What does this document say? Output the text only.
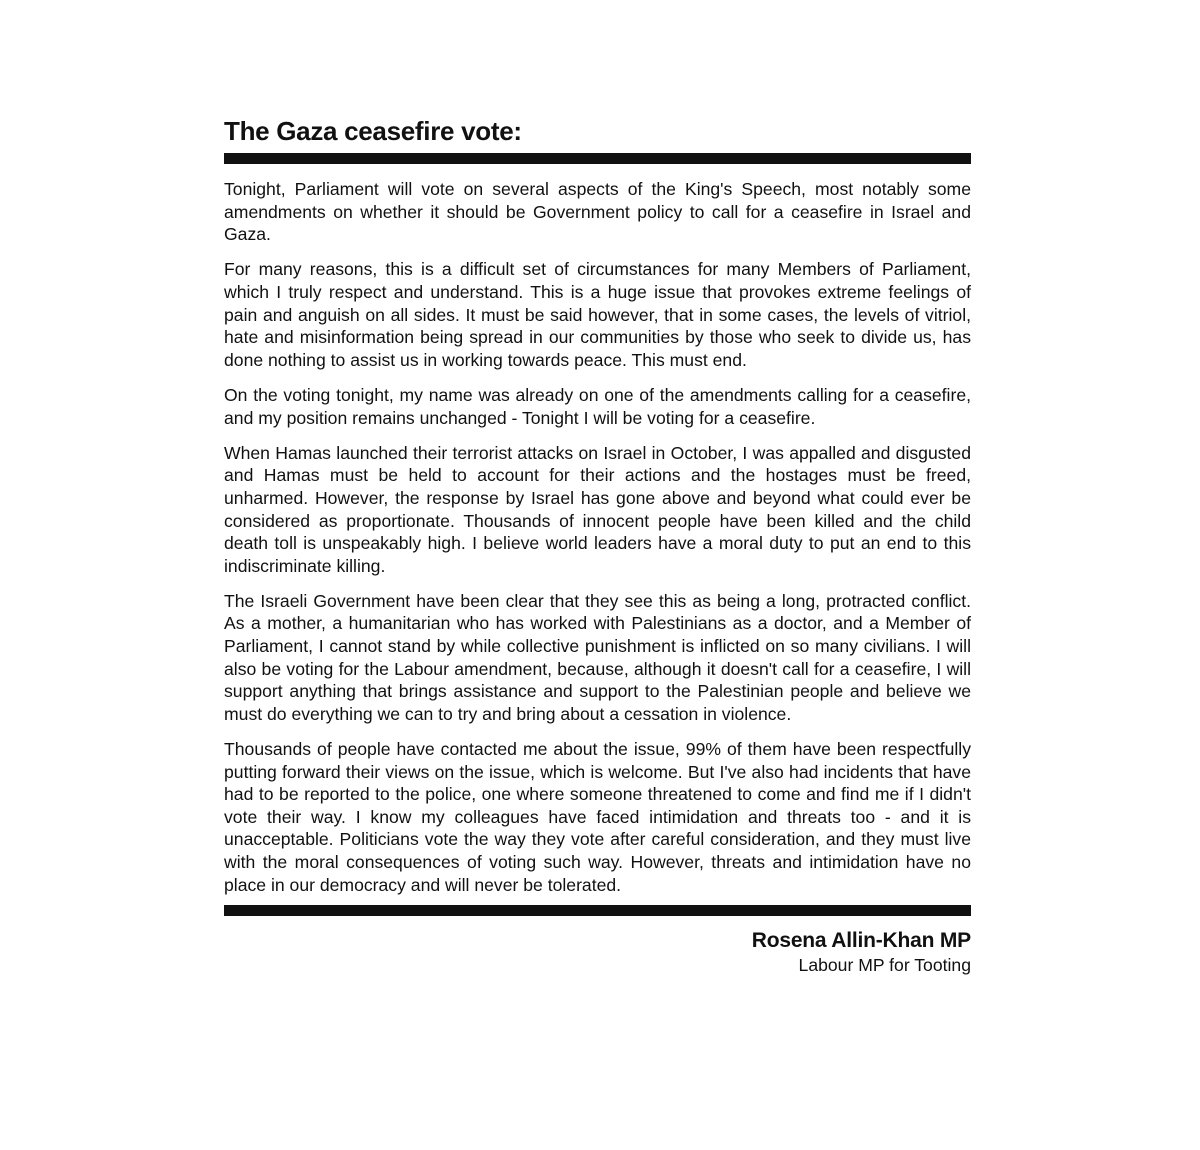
The Gaza ceasefire vote:

Tonight, Parliament will vote on several aspects of the King's Speech, most notably some amendments on whether it should be Government policy to call for a ceasefire in Israel and Gaza.

For many reasons, this is a difficult set of circumstances for many Members of Parliament, which I truly respect and understand. This is a huge issue that provokes extreme feelings of pain and anguish on all sides. It must be said however, that in some cases, the levels of vitriol, hate and misinformation being spread in our communities by those who seek to divide us, has done nothing to assist us in working towards peace. This must end.

On the voting tonight, my name was already on one of the amendments calling for a ceasefire, and my position remains unchanged - Tonight I will be voting for a ceasefire.

When Hamas launched their terrorist attacks on Israel in October, I was appalled and disgusted and Hamas must be held to account for their actions and the hostages must be freed, unharmed. However, the response by Israel has gone above and beyond what could ever be considered as proportionate. Thousands of innocent people have been killed and the child death toll is unspeakably high. I believe world leaders have a moral duty to put an end to this indiscriminate killing.

The Israeli Government have been clear that they see this as being a long, protracted conflict. As a mother, a humanitarian who has worked with Palestinians as a doctor, and a Member of Parliament, I cannot stand by while collective punishment is inflicted on so many civilians. I will also be voting for the Labour amendment, because, although it doesn't call for a ceasefire, I will support anything that brings assistance and support to the Palestinian people and believe we must do everything we can to try and bring about a cessation in violence.

Thousands of people have contacted me about the issue, 99% of them have been respectfully putting forward their views on the issue, which is welcome. But I've also had incidents that have had to be reported to the police, one where someone threatened to come and find me if I didn't vote their way. I know my colleagues have faced intimidation and threats too - and it is unacceptable. Politicians vote the way they vote after careful consideration, and they must live with the moral consequences of voting such way. However, threats and intimidation have no place in our democracy and will never be tolerated.

Rosena Allin-Khan MP
Labour MP for Tooting
